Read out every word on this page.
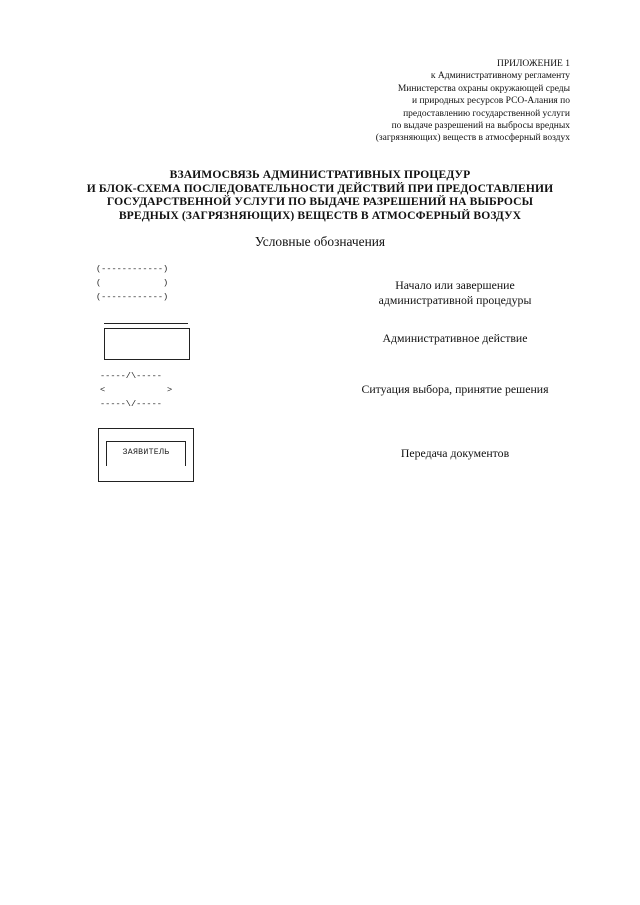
ПРИЛОЖЕНИЕ 1
к Административному регламенту
Министерства охраны окружающей среды
и природных ресурсов РСО-Алания по
предоставлению государственной услуги
по выдаче разрешений на выбросы вредных
(загрязняющих) веществ в атмосферный воздух
ВЗАИМОСВЯЗЬ АДМИНИСТРАТИВНЫХ ПРОЦЕДУР
И БЛОК-СХЕМА ПОСЛЕДОВАТЕЛЬНОСТИ ДЕЙСТВИЙ ПРИ ПРЕДОСТАВЛЕНИИ
ГОСУДАРСТВЕННОЙ УСЛУГИ ПО ВЫДАЧЕ РАЗРЕШЕНИЙ НА ВЫБРОСЫ
ВРЕДНЫХ (ЗАГРЯЗНЯЮЩИХ) ВЕЩЕСТВ В АТМОСФЕРНЫЙ ВОЗДУХ
Условные обозначения
(------------)
(            )
(------------)
Начало или завершение
административной процедуры
Административное действие
-----/\-----
<            >
-----\/-----
Ситуация выбора, принятие решения
ЗАЯВИТЕЛЬ	Передача документов
